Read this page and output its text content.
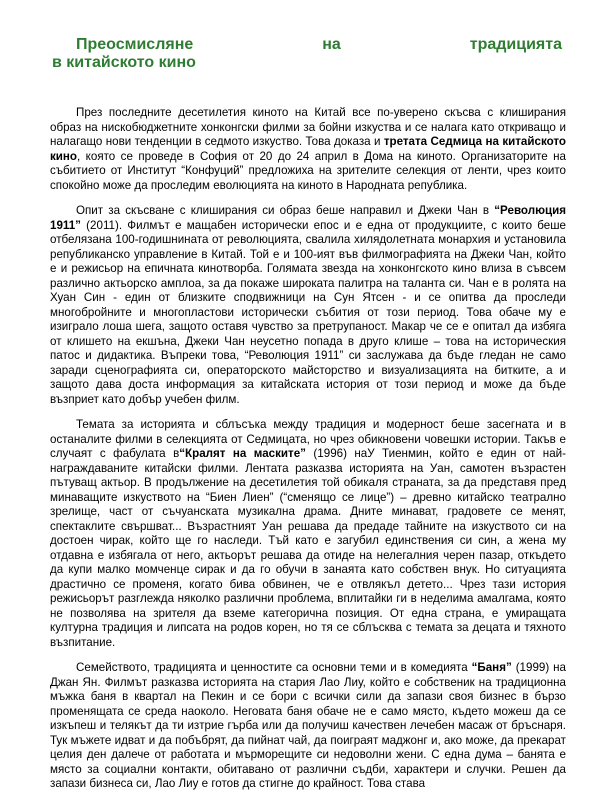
Преосмисляне	на	традицията
в китайското кино

През последните десетилетия киното на Китай все по-уверено скъсва с клиширания образ на нискобюджетните хонконгски филми за бойни изкуства и се налага като откриващо и налагащо нови тенденции в седмото изкуство. Това доказа и третата Седмица на китайското кино, която се проведе в София от 20 до 24 април в Дома на киното. Организаторите на събитието от Институт “Конфуций” предложиха на зрителите селекция от ленти, чрез които спокойно може да проследим еволюцията на киното в Народната република.

Опит за скъсване с клиширания си образ беше направил и Джеки Чан в “Революция 1911” (2011). Филмът е мащабен исторически епос и е една от продукциите, с които беше отбелязана 100-годишнината от революцията, свалила хилядолетната монархия и установила републиканско управление в Китай. Той е и 100-ият във филмографията на Джеки Чан, който е и режисьор на епичната кинотворба. Голямата звезда на хонконгското кино влиза в съвсем различно актьорско амплоа, за да покаже широката палитра на таланта си. Чан е в ролята на Хуан Син - един от близките сподвижници на Сун Ятсен - и се опитва да проследи многобройните и многопластови исторически събития от този период. Това обаче му е изиграло лоша шега, защото оставя чувство за претрупаност. Макар че се е опитал да избяга от клишето на екшъна, Джеки Чан неусетно попада в друго клише – това на историческия патос и дидактика. Въпреки това, “Революция 1911” си заслужава да бъде гледан не само заради сценографията си, операторското майсторство и визуализацията на битките, а и защото дава доста информация за китайската история от този период и може да бъде възприет като добър учебен филм.

Темата за историята и сблъсъка между традиция и модерност беше засегната и в останалите филми в селекцията от Седмицата, но чрез обикновени човешки истории. Такъв е случаят с фабулата в“Кралят на маските” (1996) наУ Тиенмин, който е един от най-награждаваните китайски филми. Лентата разказва историята на Уан, самотен възрастен пътуващ актьор. В продължение на десетилетия той обикаля страната, за да представя пред минаващите изкуството на “Биен Лиен” (“сменящо се лице”) – древно китайско театрално зрелище, част от съчуанската музикална драма. Дните минават, градовете се менят, спектаклите свършват... Възрастният Уан решава да предаде тайните на изкуството си на достоен чирак, който ще го наследи. Тъй като е загубил единствения си син, а жена му отдавна е избягала от него, актьорът решава да отиде на нелегалния черен пазар, откъдето да купи малко момченце сирак и да го обучи в занаята като собствен внук. Но ситуацията драстично се променя, когато бива обвинен, че е отвлякъл детето... Чрез тази история режисьорът разглежда няколко различни проблема, вплитайки ги в неделима амалгама, която не позволява на зрителя да вземе категорична позиция. От една страна, е умиращата културна традиция и липсата на родов корен, но тя се сблъсква с темата за децата и тяхното възпитание.

Семейството, традицията и ценностите са основни теми и в комедията “Баня” (1999) на Джан Ян. Филмът разказва историята на стария Лао Лиу, който е собственик на традиционна мъжка баня в квартал на Пекин и се бори с всички сили да запази своя бизнес в бързо променящата се среда наоколо. Неговата баня обаче не е само място, където можеш да се изкъпеш и телякът да ти изтрие гърба или да получиш качествен лечебен масаж от бръснаря. Тук мъжете идват и да побъбрят, да пийнат чай, да поиграят маджонг и, ако може, да прекарат целия ден далече от работата и мърморещите си недоволни жени. С една дума – банята е място за социални контакти, обитавано от различни съдби, характери и случки. Решен да запази бизнеса си, Лао Лиу е готов да стигне до крайност. Това става
